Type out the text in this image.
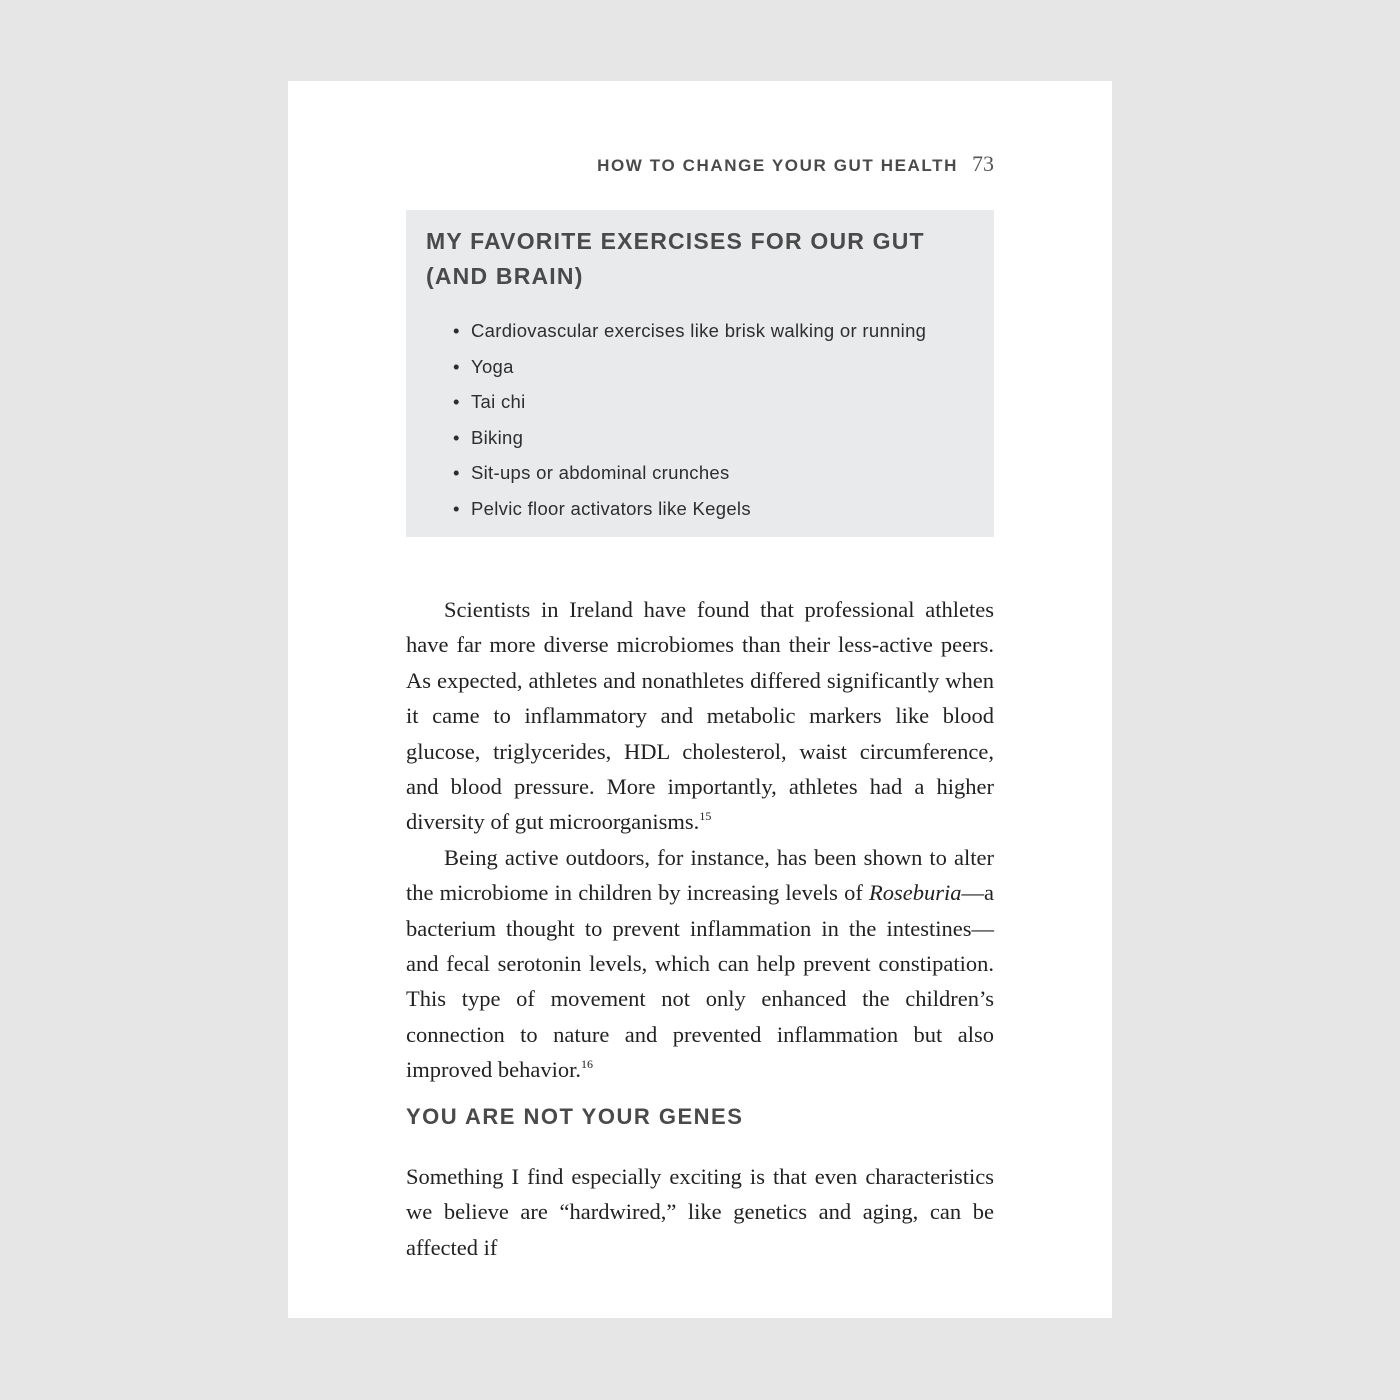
HOW TO CHANGE YOUR GUT HEALTH 73
MY FAVORITE EXERCISES FOR OUR GUT
(AND BRAIN)
• Cardiovascular exercises like brisk walking or running
• Yoga
• Tai chi
• Biking
• Sit-ups or abdominal crunches
• Pelvic floor activators like Kegels

Scientists in Ireland have found that professional athletes have far more diverse microbiomes than their less-active peers. As expected, athletes and nonathletes differed significantly when it came to inflammatory and metabolic markers like blood glucose, triglycerides, HDL cholesterol, waist circumference, and blood pressure. More importantly, athletes had a higher diversity of gut microorganisms.$^{15}$

Being active outdoors, for instance, has been shown to alter the microbiome in children by increasing levels of Roseburia—a bacterium thought to prevent inflammation in the intestines—and fecal serotonin levels, which can help prevent constipation. This type of movement not only enhanced the children’s connection to nature and prevented inflammation but also improved behavior.$^{16}$

YOU ARE NOT YOUR GENES

Something I find especially exciting is that even characteristics we believe are “hardwired,” like genetics and aging, can be affected if
